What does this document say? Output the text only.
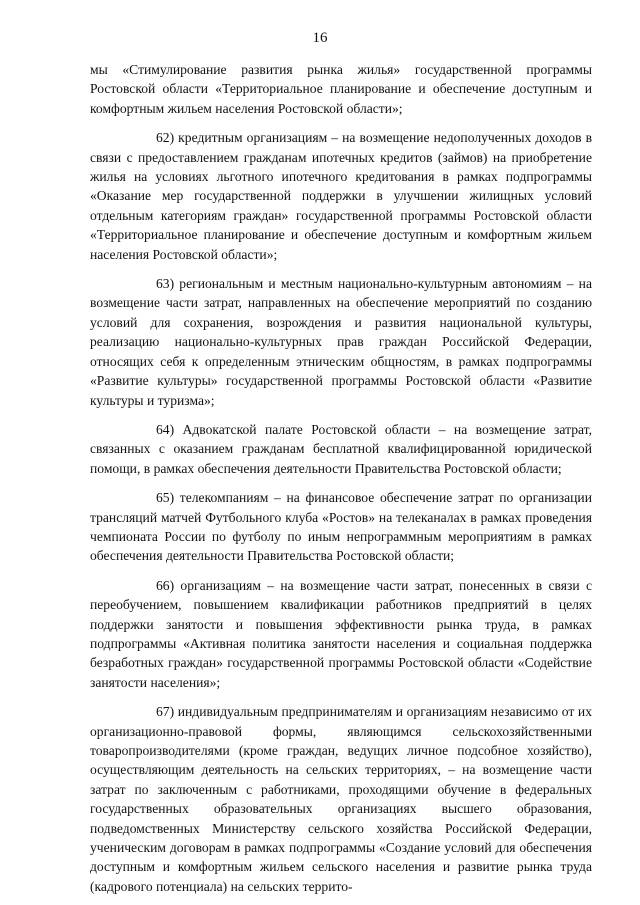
16

мы «Стимулирование развития рынка жилья» государственной программы Ростовской области «Территориальное планирование и обеспечение доступным и комфортным жильем населения Ростовской области»;

62) кредитным организациям – на возмещение недополученных доходов в связи с предоставлением гражданам ипотечных кредитов (займов) на приобретение жилья на условиях льготного ипотечного кредитования в рамках подпрограммы «Оказание мер государственной поддержки в улучшении жилищных условий отдельным категориям граждан» государственной программы Ростовской области «Территориальное планирование и обеспечение доступным и комфортным жильем населения Ростовской области»;

63) региональным и местным национально-культурным автономиям – на возмещение части затрат, направленных на обеспечение мероприятий по созданию условий для сохранения, возрождения и развития национальной культуры, реализацию национально-культурных прав граждан Российской Федерации, относящих себя к определенным этническим общностям, в рамках подпрограммы «Развитие культуры» государственной программы Ростовской области «Развитие культуры и туризма»;

64) Адвокатской палате Ростовской области – на возмещение затрат, связанных с оказанием гражданам бесплатной квалифицированной юридической помощи, в рамках обеспечения деятельности Правительства Ростовской области;

65) телекомпаниям – на финансовое обеспечение затрат по организации трансляций матчей Футбольного клуба «Ростов» на телеканалах в рамках проведения чемпионата России по футболу по иным непрограммным мероприятиям в рамках обеспечения деятельности Правительства Ростовской области;

66) организациям – на возмещение части затрат, понесенных в связи с переобучением, повышением квалификации работников предприятий в целях поддержки занятости и повышения эффективности рынка труда, в рамках подпрограммы «Активная политика занятости населения и социальная поддержка безработных граждан» государственной программы Ростовской области «Содействие занятости населения»;

67) индивидуальным предпринимателям и организациям независимо от их организационно-правовой формы, являющимся сельскохозяйственными товаропроизводителями (кроме граждан, ведущих личное подсобное хозяйство), осуществляющим деятельность на сельских территориях, – на возмещение части затрат по заключенным с работниками, проходящими обучение в федеральных государственных образовательных организациях высшего образования, подведомственных Министерству сельского хозяйства Российской Федерации, ученическим договорам в рамках подпрограммы «Создание условий для обеспечения доступным и комфортным жильем сельского населения и развитие рынка труда (кадрового потенциала) на сельских террито-
